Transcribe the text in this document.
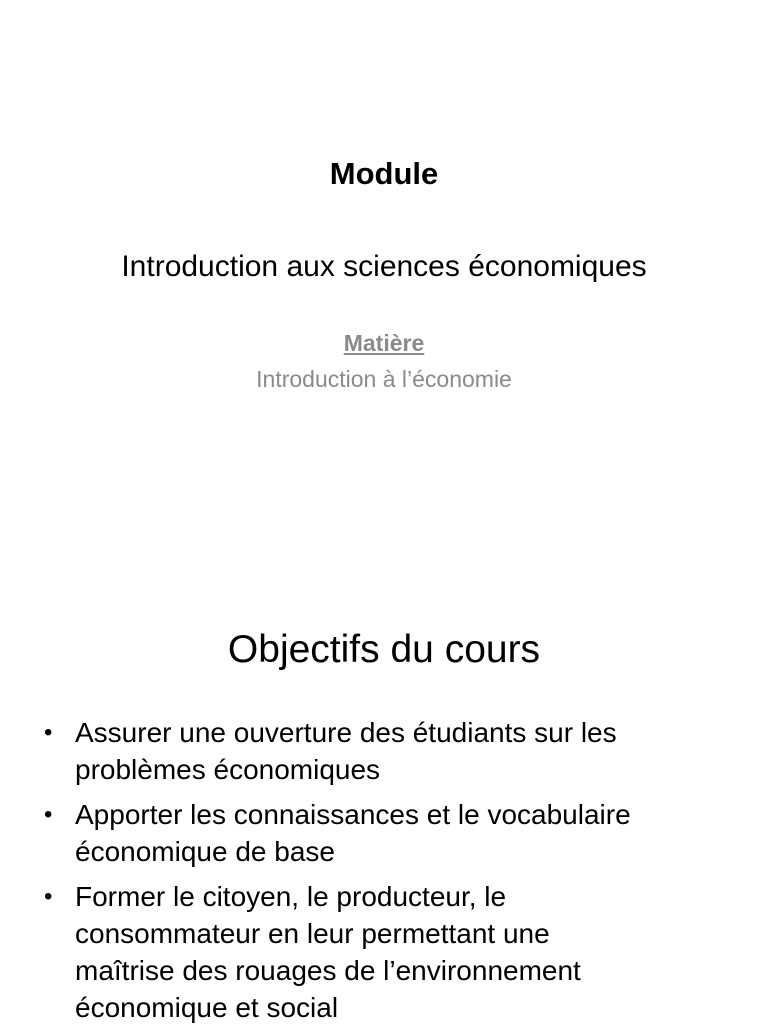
Module
Introduction aux sciences économiques
Matière
Introduction à l’économie
Objectifs du cours
• Assurer une ouverture des étudiants sur les
problèmes économiques
• Apporter les connaissances et le vocabulaire
économique de base
• Former le citoyen, le producteur, le
consommateur en leur permettant une
maîtrise des rouages de l’environnement
économique et social
